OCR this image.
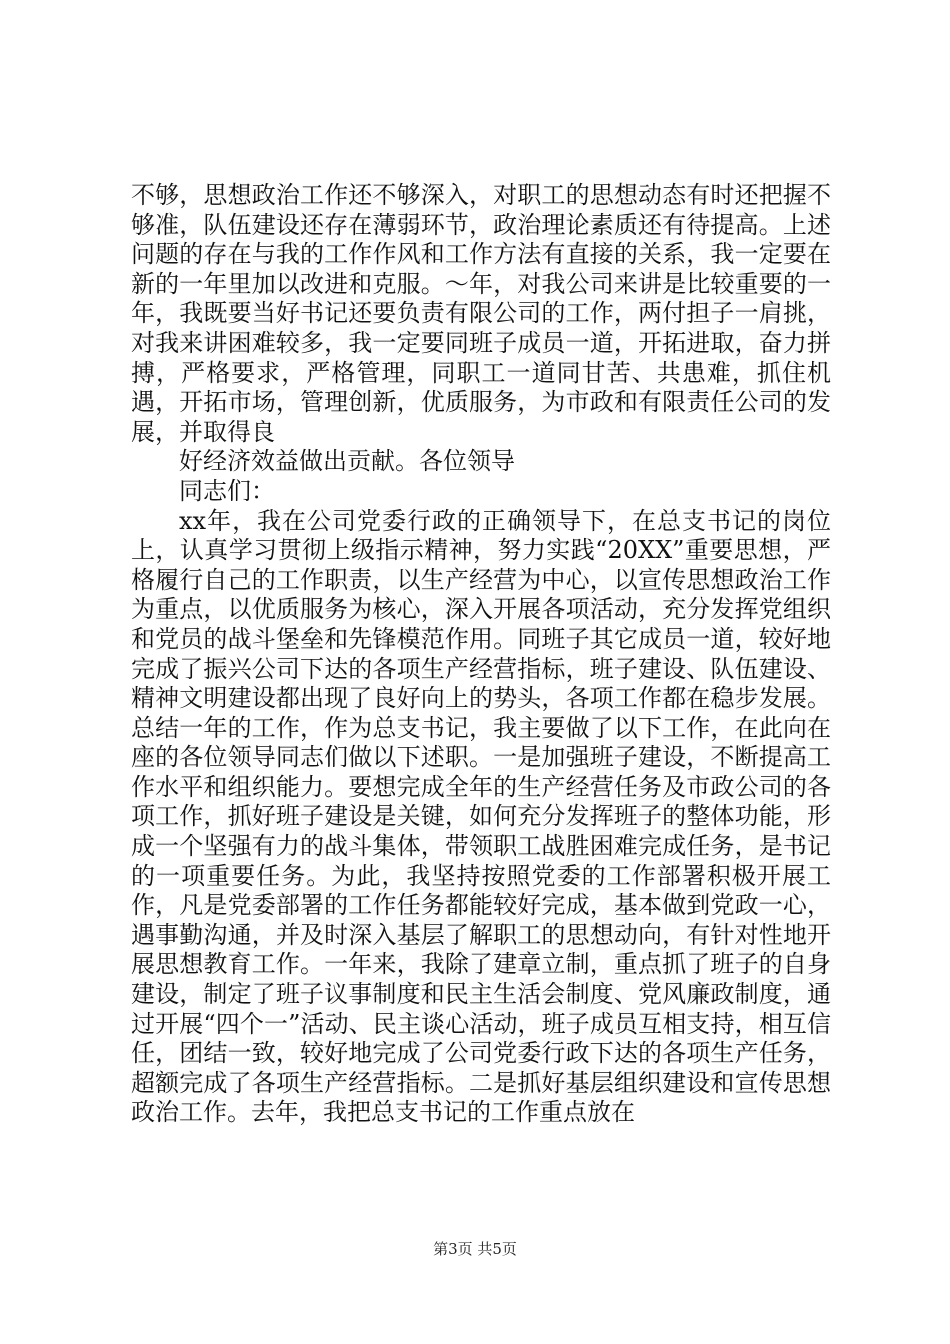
不够，思想政治工作还不够深入，对职工的思想动态有时还把握不够准，队伍建设还存在薄弱环节，政治理论素质还有待提高。上述问题的存在与我的工作作风和工作方法有直接的关系，我一定要在新的一年里加以改进和克服。～年，对我公司来讲是比较重要的一年，我既要当好书记还要负责有限公司的工作，两付担子一肩挑，对我来讲困难较多，我一定要同班子成员一道，开拓进取，奋力拼搏，严格要求，严格管理，同职工一道同甘苦、共患难，抓住机遇，开拓市场，管理创新，优质服务，为市政和有限责任公司的发展，并取得良

好经济效益做出贡献。各位领导

同志们：

xx年，我在公司党委行政的正确领导下，在总支书记的岗位上，认真学习贯彻上级指示精神，努力实践“20XX”重要思想，严格履行自己的工作职责，以生产经营为中心，以宣传思想政治工作为重点，以优质服务为核心，深入开展各项活动，充分发挥党组织和党员的战斗堡垒和先锋模范作用。同班子其它成员一道，较好地完成了振兴公司下达的各项生产经营指标，班子建设、队伍建设、精神文明建设都出现了良好向上的势头，各项工作都在稳步发展。总结一年的工作，作为总支书记，我主要做了以下工作，在此向在座的各位领导同志们做以下述职。一是加强班子建设，不断提高工作水平和组织能力。要想完成全年的生产经营任务及市政公司的各项工作，抓好班子建设是关键，如何充分发挥班子的整体功能，形成一个坚强有力的战斗集体，带领职工战胜困难完成任务，是书记的一项重要任务。为此，我坚持按照党委的工作部署积极开展工作，凡是党委部署的工作任务都能较好完成，基本做到党政一心，遇事勤沟通，并及时深入基层了解职工的思想动向，有针对性地开展思想教育工作。一年来，我除了建章立制，重点抓了班子的自身建设，制定了班子议事制度和民主生活会制度、党风廉政制度，通过开展“四个一”活动、民主谈心活动，班子成员互相支持，相互信任，团结一致，较好地完成了公司党委行政下达的各项生产任务，超额完成了各项生产经营指标。二是抓好基层组织建设和宣传思想政治工作。去年，我把总支书记的工作重点放在

第3页 共5页
